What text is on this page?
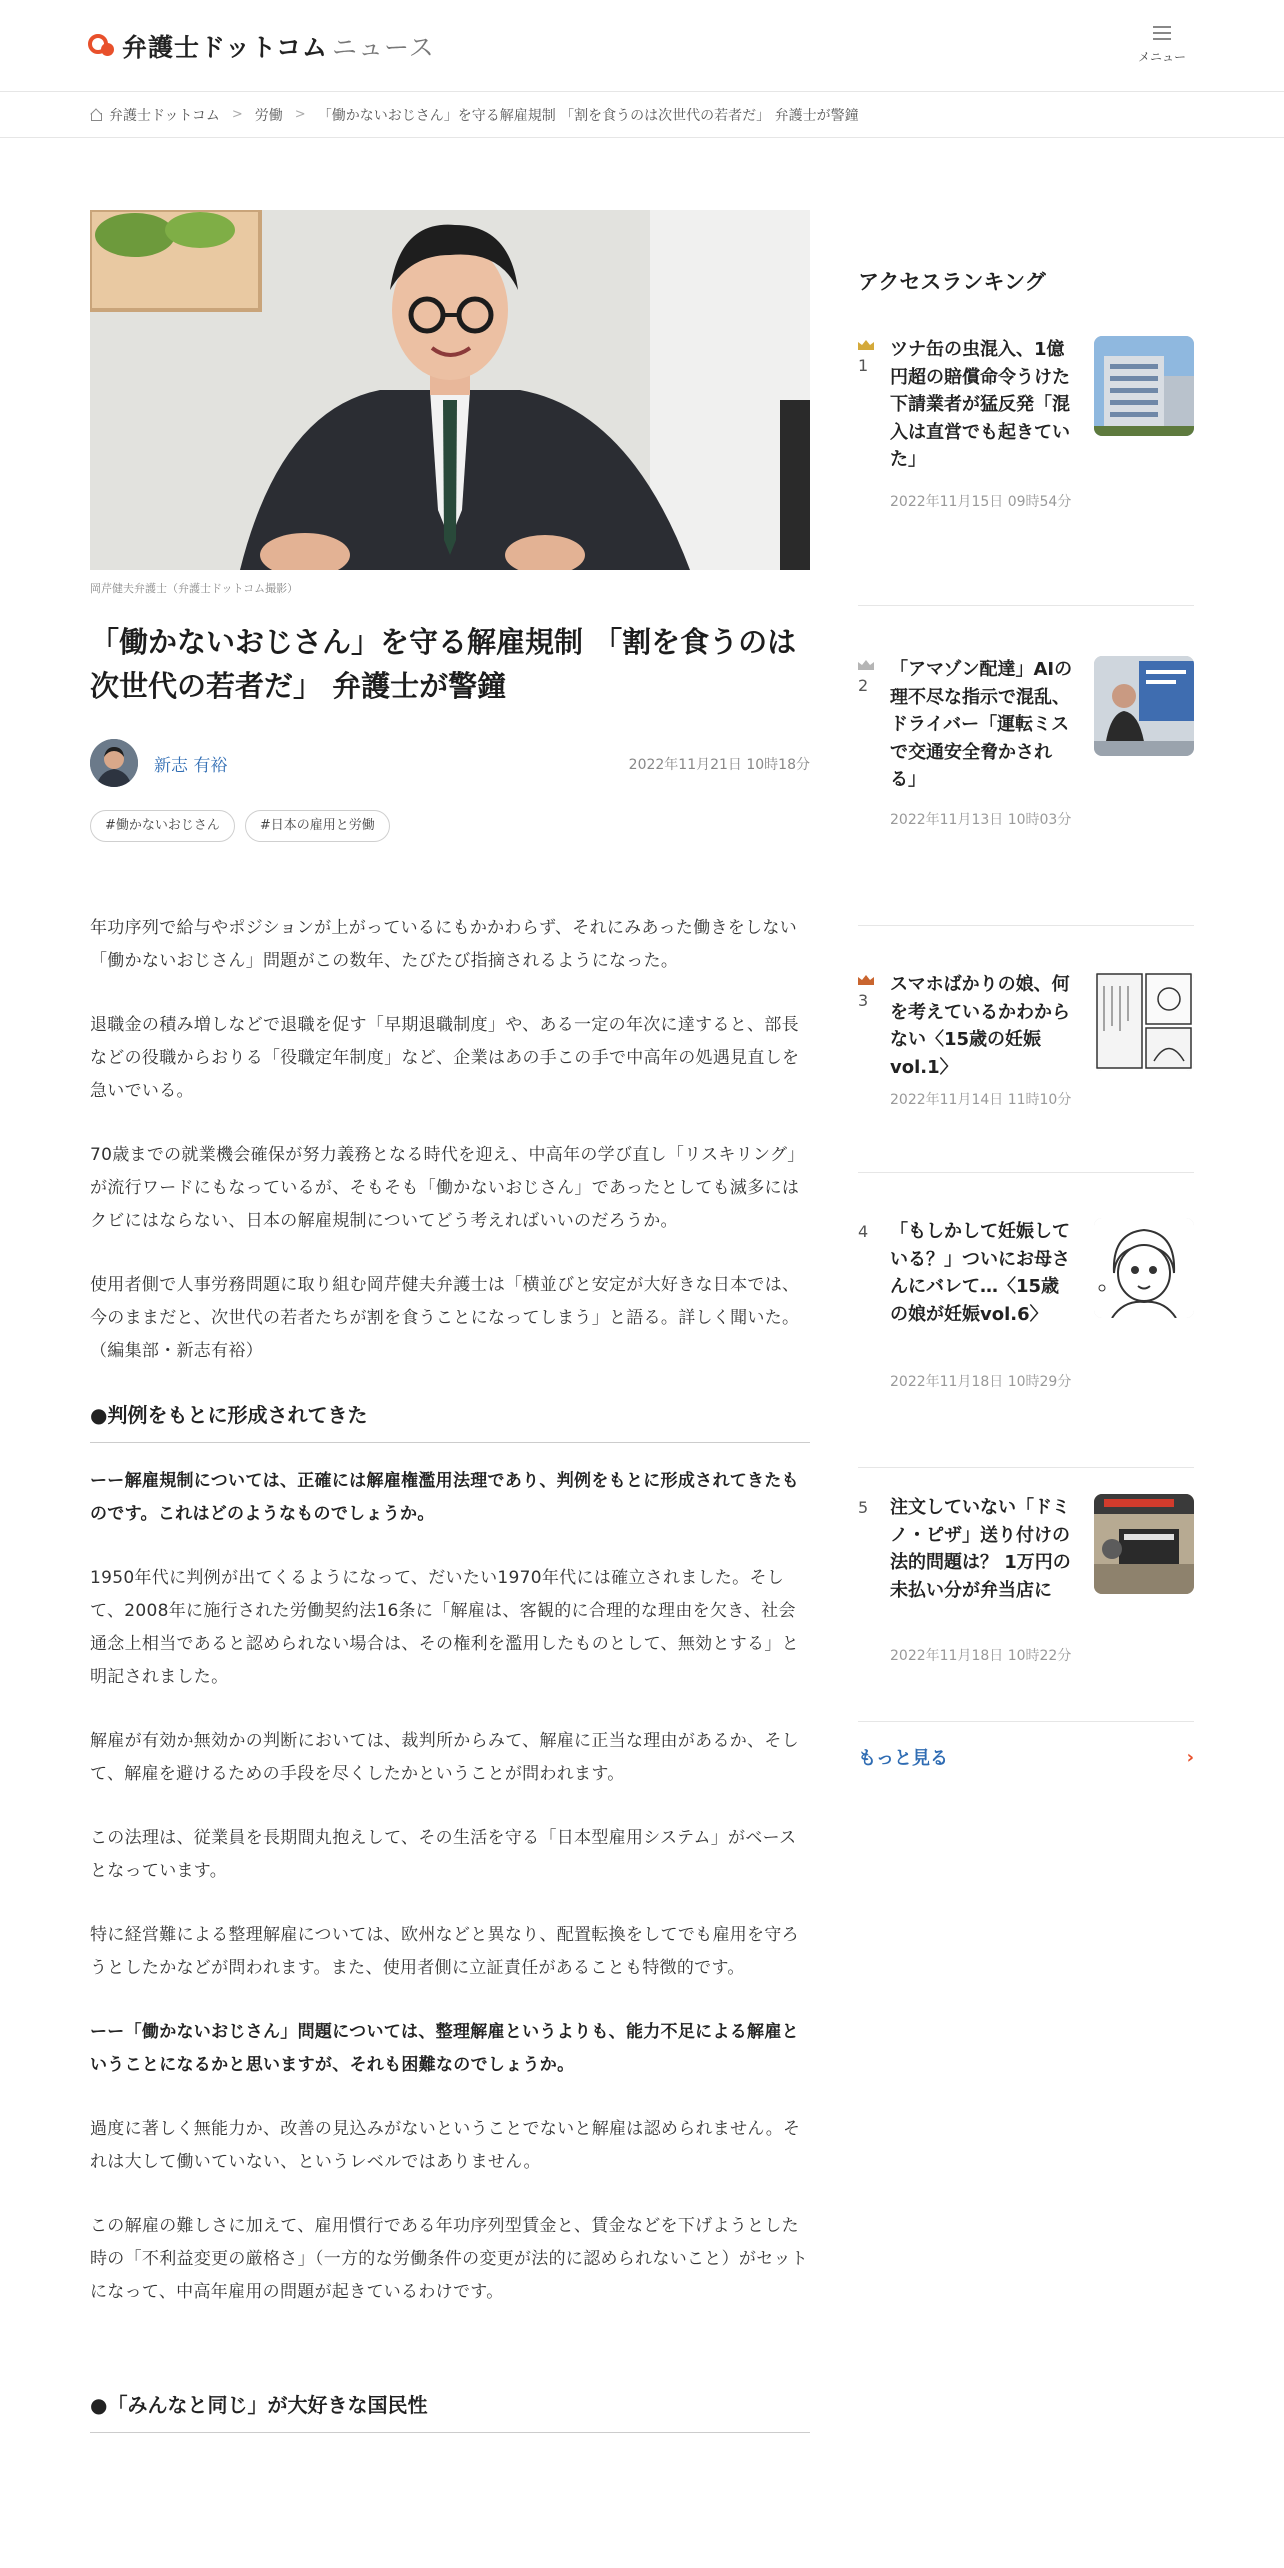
弁護士ドットコム ニュース	メニュー
弁護士ドットコム > 労働 > 「働かないおじさん」を守る解雇規制 「割を食うのは次世代の若者だ」 弁護士が警鐘
岡芹健夫弁護士（弁護士ドットコム撮影）
「働かないおじさん」を守る解雇規制 「割を食うのは次世代の若者だ」 弁護士が警鐘
新志 有裕	2022年11月21日 10時18分
#働かないおじさん	#日本の雇用と労働

年功序列で給与やポジションが上がっているにもかかわらず、それにみあった働きをしない「働かないおじさん」問題がこの数年、たびたび指摘されるようになった。

退職金の積み増しなどで退職を促す「早期退職制度」や、ある一定の年次に達すると、部長などの役職からおりる「役職定年制度」など、企業はあの手この手で中高年の処遇見直しを急いでいる。

70歳までの就業機会確保が努力義務となる時代を迎え、中高年の学び直し「リスキリング」が流行ワードにもなっているが、そもそも「働かないおじさん」であったとしても滅多にはクビにはならない、日本の解雇規制についてどう考えればいいのだろうか。

使用者側で人事労務問題に取り組む岡芹健夫弁護士は「横並びと安定が大好きな日本では、今のままだと、次世代の若者たちが割を食うことになってしまう」と語る。詳しく聞いた。（編集部・新志有裕）

●判例をもとに形成されてきた

ーー解雇規制については、正確には解雇権濫用法理であり、判例をもとに形成されてきたものです。これはどのようなものでしょうか。

1950年代に判例が出てくるようになって、だいたい1970年代には確立されました。そして、2008年に施行された労働契約法16条に「解雇は、客観的に合理的な理由を欠き、社会通念上相当であると認められない場合は、その権利を濫用したものとして、無効とする」と明記されました。

解雇が有効か無効かの判断においては、裁判所からみて、解雇に正当な理由があるか、そして、解雇を避けるための手段を尽くしたかということが問われます。

この法理は、従業員を長期間丸抱えして、その生活を守る「日本型雇用システム」がベースとなっています。

特に経営難による整理解雇については、欧州などと異なり、配置転換をしてでも雇用を守ろうとしたかなどが問われます。また、使用者側に立証責任があることも特徴的です。

ーー「働かないおじさん」問題については、整理解雇というよりも、能力不足による解雇ということになるかと思いますが、それも困難なのでしょうか。

過度に著しく無能力か、改善の見込みがないということでないと解雇は認められません。それは大して働いていない、というレベルではありません。

この解雇の難しさに加えて、雇用慣行である年功序列型賃金と、賃金などを下げようとした時の「不利益変更の厳格さ」（一方的な労働条件の変更が法的に認められないこと）がセットになって、中高年雇用の問題が起きているわけです。

●「みんなと同じ」が大好きな国民性
アクセスランキング
1
ツナ缶の虫混入、1億円超の賠償命令うけた下請業者が猛反発「混入は直営でも起きていた」
2022年11月15日 09時54分
2
「アマゾン配達」AIの理不尽な指示で混乱、ドライバー「運転ミスで交通安全脅かされる」
2022年11月13日 10時03分
3
スマホばかりの娘、何を考えているかわからない〈15歳の妊娠vol.1〉
2022年11月14日 11時10分
4 「もしかして妊娠している？」ついにお母さんにバレて…〈15歳の娘が妊娠vol.6〉
2022年11月18日 10時29分
5 注文していない「ドミノ・ピザ」送り付けの法的問題は？ 1万円の未払い分が弁当店に
2022年11月18日 10時22分
もっと見る	›
